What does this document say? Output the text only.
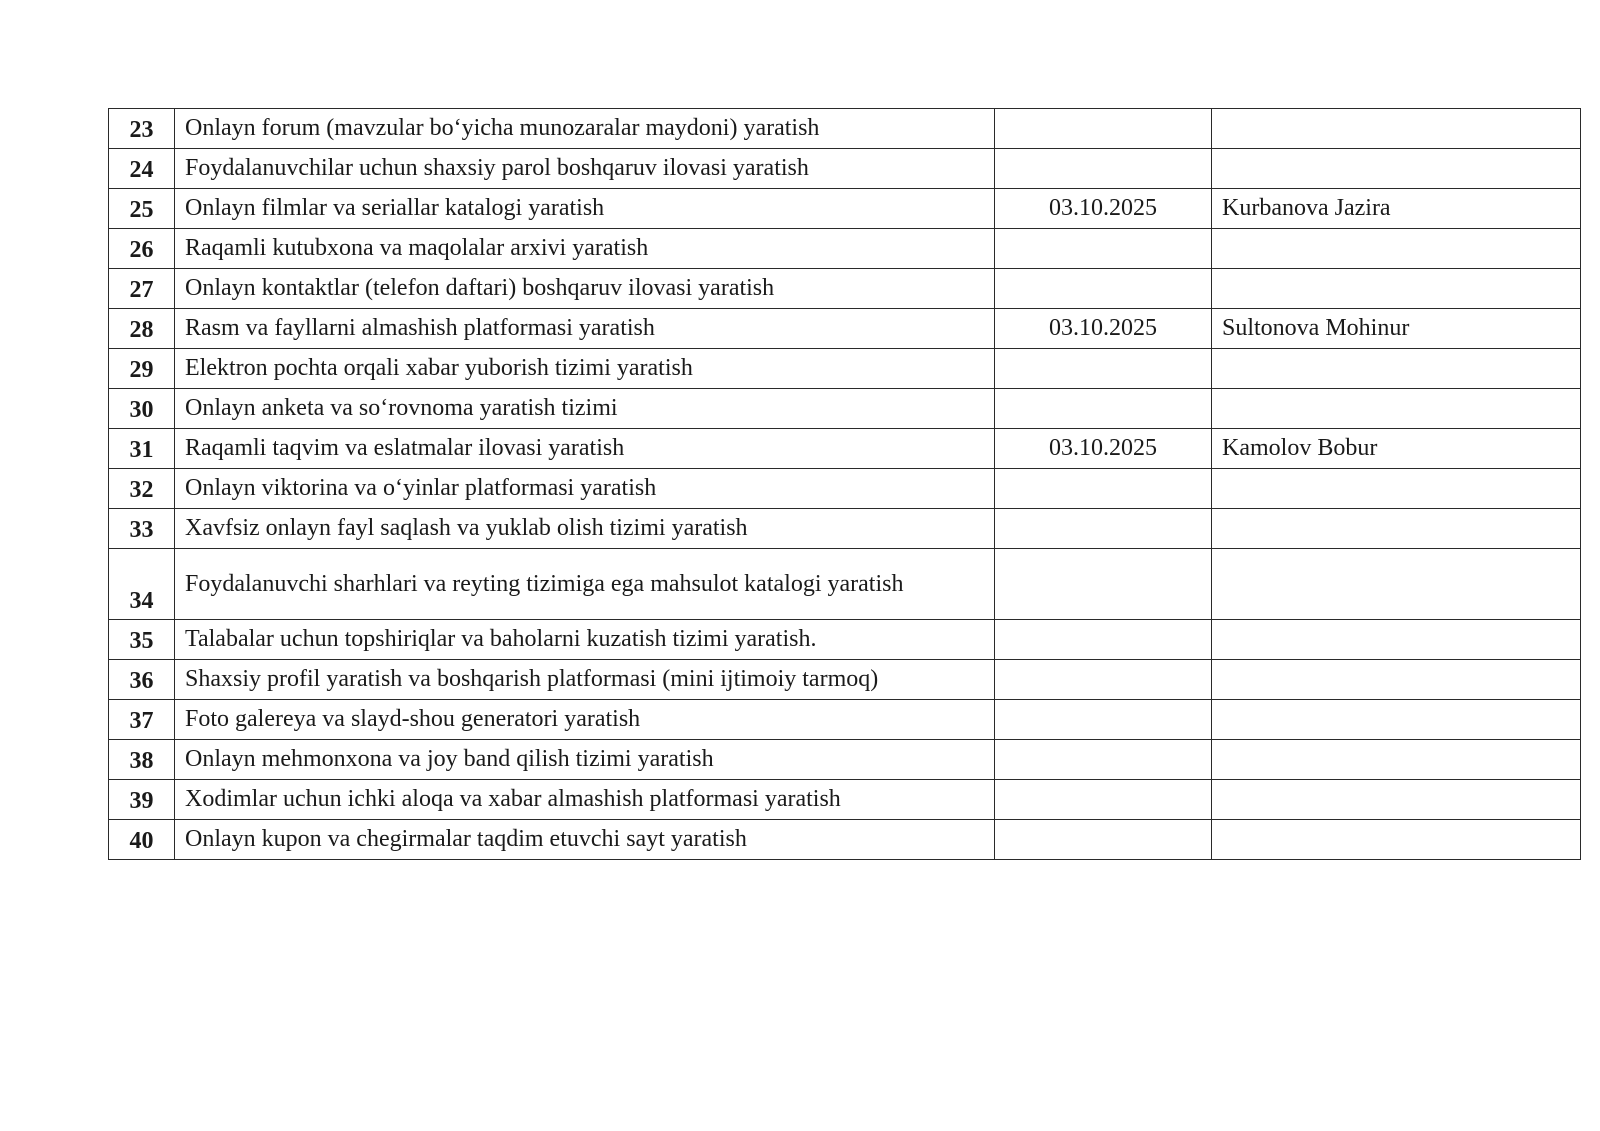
23	Onlayn forum (mavzular bo‘yicha munozaralar maydoni) yaratish		
24	Foydalanuvchilar uchun shaxsiy parol boshqaruv ilovasi yaratish		
25	Onlayn filmlar va seriallar katalogi yaratish	03.10.2025	Kurbanova Jazira
26	Raqamli kutubxona va maqolalar arxivi yaratish		
27	Onlayn kontaktlar (telefon daftari) boshqaruv ilovasi yaratish		
28	Rasm va fayllarni almashish platformasi yaratish	03.10.2025	Sultonova Mohinur
29	Elektron pochta orqali xabar yuborish tizimi yaratish		
30	Onlayn anketa va so‘rovnoma yaratish tizimi		
31	Raqamli taqvim va eslatmalar ilovasi yaratish	03.10.2025	Kamolov Bobur
32	Onlayn viktorina va o‘yinlar platformasi yaratish		
33	Xavfsiz onlayn fayl saqlash va yuklab olish tizimi yaratish		
34	Foydalanuvchi sharhlari va reyting tizimiga ega mahsulot katalogi yaratish		
35	Talabalar uchun topshiriqlar va baholarni kuzatish tizimi yaratish.		
36	Shaxsiy profil yaratish va boshqarish platformasi (mini ijtimoiy tarmoq)		
37	Foto galereya va slayd-shou generatori yaratish		
38	Onlayn mehmonxona va joy band qilish tizimi yaratish		
39	Xodimlar uchun ichki aloqa va xabar almashish platformasi yaratish		
40	Onlayn kupon va chegirmalar taqdim etuvchi sayt yaratish		
